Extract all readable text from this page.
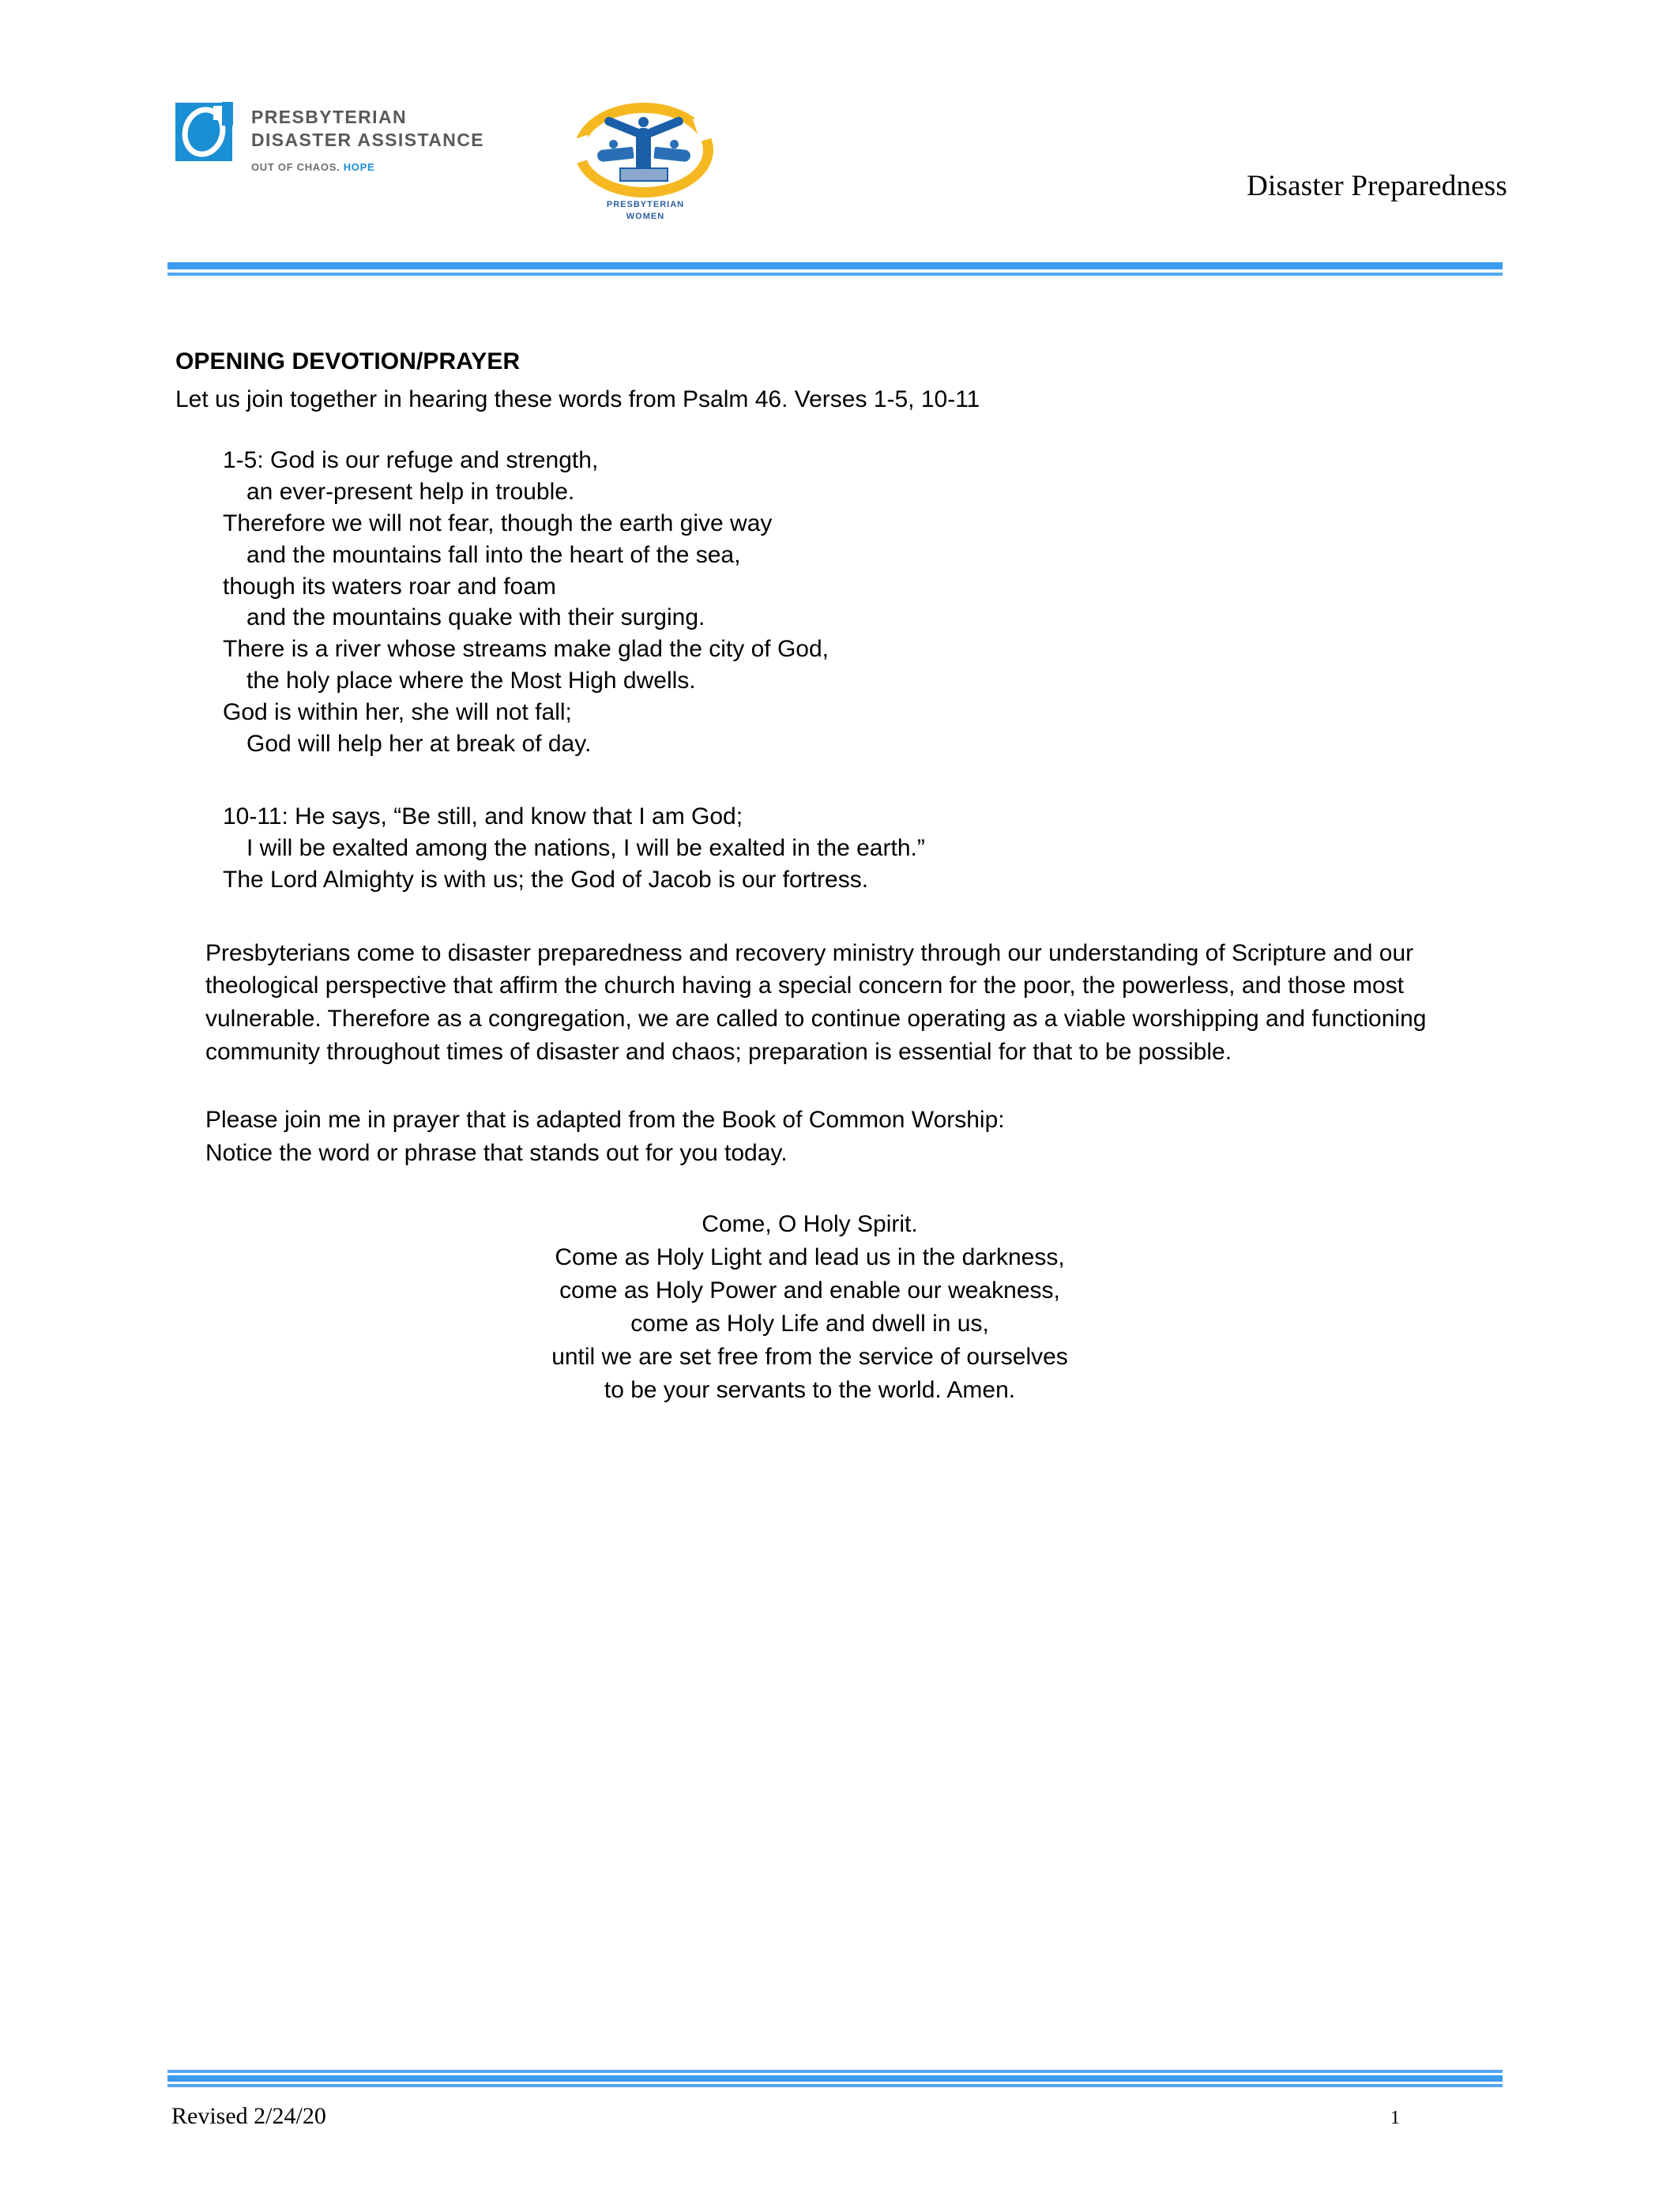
PRESBYTERIAN
DISASTER ASSISTANCE
OUT OF CHAOS. HOPE
PRESBYTERIAN
WOMEN
Disaster Preparedness
OPENING DEVOTION/PRAYER
Let us join together in hearing these words from Psalm 46. Verses 1-5, 10-11
1-5: God is our refuge and strength,
an ever-present help in trouble.
Therefore we will not fear, though the earth give way
and the mountains fall into the heart of the sea,
though its waters roar and foam
and the mountains quake with their surging.
There is a river whose streams make glad the city of God,
the holy place where the Most High dwells.
God is within her, she will not fall;
God will help her at break of day.
10-11: He says, “Be still, and know that I am God;
I will be exalted among the nations, I will be exalted in the earth.”
The Lord Almighty is with us; the God of Jacob is our fortress.

Presbyterians come to disaster preparedness and recovery ministry through our understanding of Scripture and our theological perspective that affirm the church having a special concern for the poor, the powerless, and those most vulnerable. Therefore as a congregation, we are called to continue operating as a viable worshipping and functioning community throughout times of disaster and chaos; preparation is essential for that to be possible.

Please join me in prayer that is adapted from the Book of Common Worship:

Notice the word or phrase that stands out for you today.

Come, O Holy Spirit.
Come as Holy Light and lead us in the darkness,
come as Holy Power and enable our weakness,
come as Holy Life and dwell in us,
until we are set free from the service of ourselves
to be your servants to the world. Amen.
Revised 2/24/20	1
